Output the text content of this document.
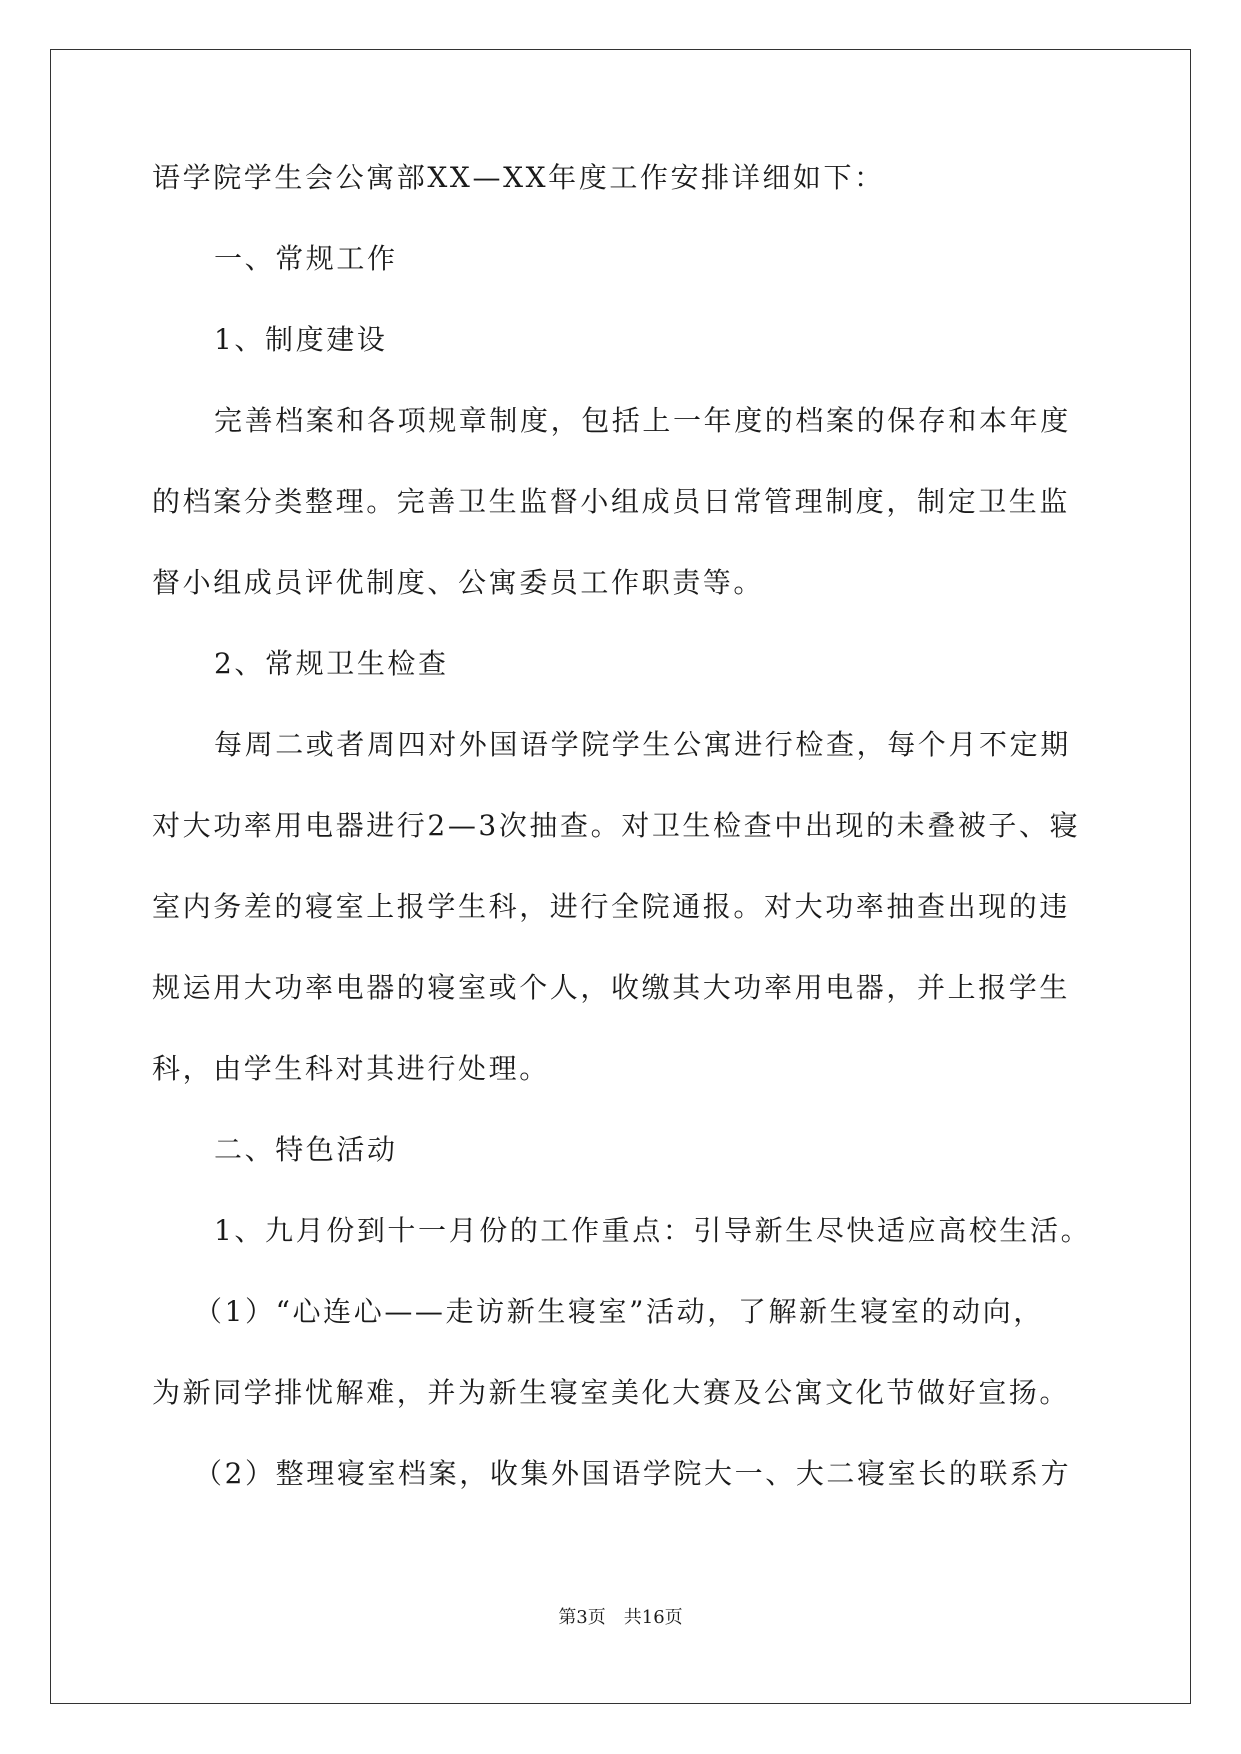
语学院学生会公寓部XX—XX年度工作安排详细如下：
一、常规工作
1、制度建设
完善档案和各项规章制度，包括上一年度的档案的保存和本年度
的档案分类整理。完善卫生监督小组成员日常管理制度，制定卫生监
督小组成员评优制度、公寓委员工作职责等。
2、常规卫生检查
每周二或者周四对外国语学院学生公寓进行检查，每个月不定期
对大功率用电器进行2—3次抽查。对卫生检查中出现的未叠被子、寝
室内务差的寝室上报学生科，进行全院通报。对大功率抽查出现的违
规运用大功率电器的寝室或个人，收缴其大功率用电器，并上报学生
科，由学生科对其进行处理。
二、特色活动
1、九月份到十一月份的工作重点：引导新生尽快适应高校生活。
（1）“心连心——走访新生寝室”活动，了解新生寝室的动向，
为新同学排忧解难，并为新生寝室美化大赛及公寓文化节做好宣扬。
（2）整理寝室档案，收集外国语学院大一、大二寝室长的联系方
第3页 共16页
